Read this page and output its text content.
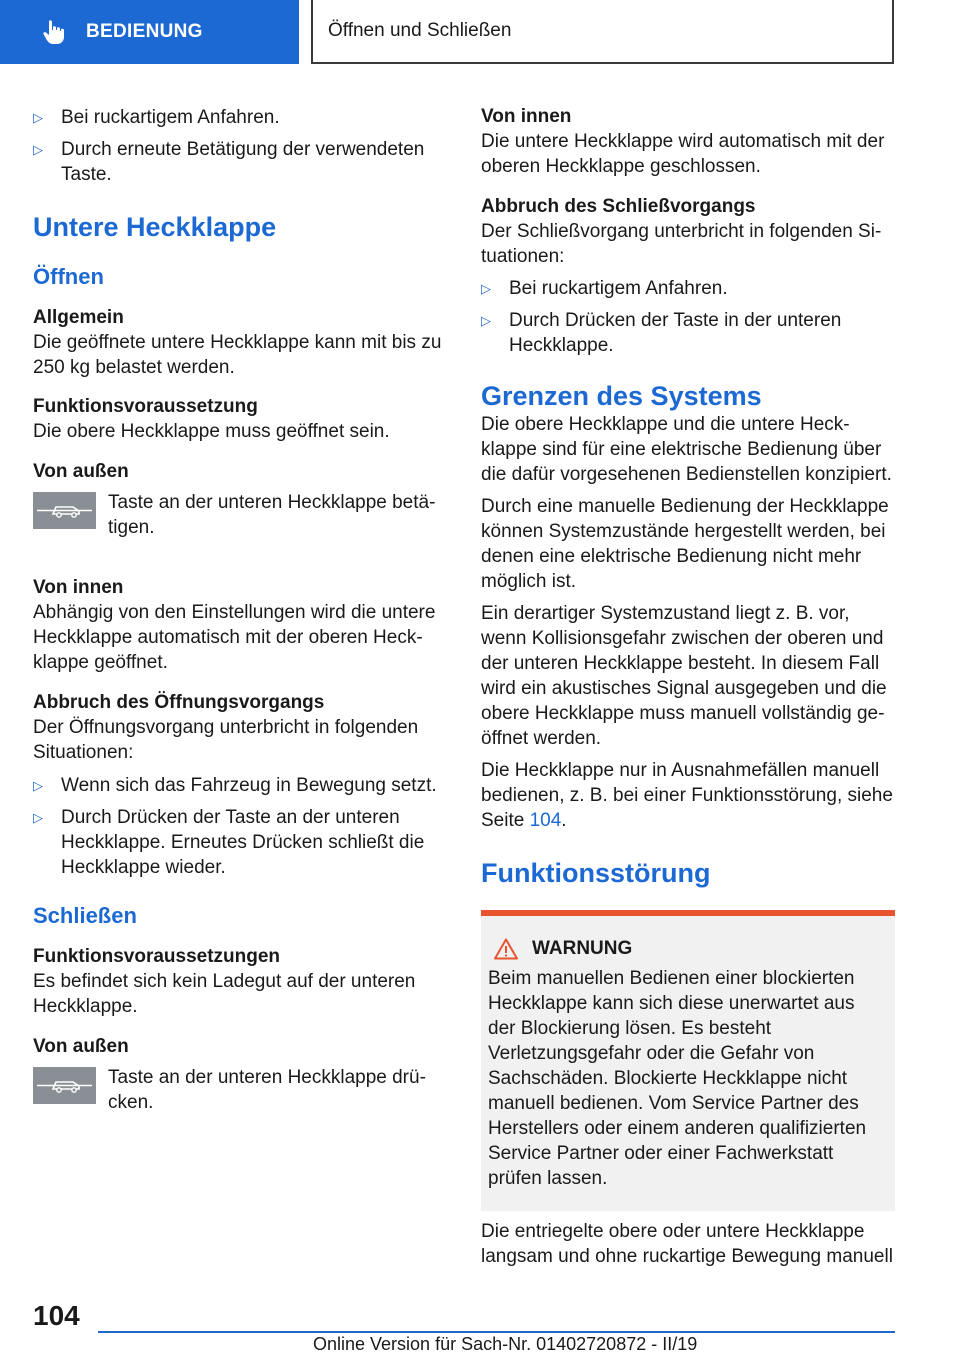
BEDIENUNG	Öffnen und Schließen
▷ Bei ruckartigem Anfahren.
▷ Durch erneute Betätigung der verwendeten Taste.
Untere Heckklappe
Öffnen
Allgemein

Die geöffnete untere Heckklappe kann mit bis zu 250 kg belastet werden.

Funktionsvoraussetzung

Die obere Heckklappe muss geöffnet sein.

Von außen
Taste an der unteren Heckklappe betätigen.
Von innen

Abhängig von den Einstellungen wird die untere Heckklappe automatisch mit der oberen Heckklappe geöffnet.

Abbruch des Öffnungsvorgangs

Der Öffnungsvorgang unterbricht in folgenden Situationen:

▷ Wenn sich das Fahrzeug in Bewegung setzt.
▷ Durch Drücken der Taste an der unteren Heckklappe. Erneutes Drücken schließt die Heckklappe wieder.
Schließen
Funktionsvoraussetzungen

Es befindet sich kein Ladegut auf der unteren Heckklappe.

Von außen
Taste an der unteren Heckklappe drücken.
Von innen

Die untere Heckklappe wird automatisch mit der oberen Heckklappe geschlossen.

Abbruch des Schließvorgangs

Der Schließvorgang unterbricht in folgenden Situationen:

▷ Bei ruckartigem Anfahren.
▷ Durch Drücken der Taste in der unteren Heckklappe.
Grenzen des Systems

Die obere Heckklappe und die untere Heckklappe sind für eine elektrische Bedienung über die dafür vorgesehenen Bedienstellen konzipiert.

Durch eine manuelle Bedienung der Heckklappe können Systemzustände hergestellt werden, bei denen eine elektrische Bedienung nicht mehr möglich ist.

Ein derartiger Systemzustand liegt z. B. vor, wenn Kollisionsgefahr zwischen der oberen und der unteren Heckklappe besteht. In diesem Fall wird ein akustisches Signal ausgegeben und die obere Heckklappe muss manuell vollständig geöffnet werden.

Die Heckklappe nur in Ausnahmefällen manuell bedienen, z. B. bei einer Funktionsstörung, siehe Seite 104.

Funktionsstörung
WARNUNG

Beim manuellen Bedienen einer blockierten Heckklappe kann sich diese unerwartet aus der Blockierung lösen. Es besteht Verletzungsgefahr oder die Gefahr von Sachschäden. Blockierte Heckklappe nicht manuell bedienen. Vom Service Partner des Herstellers oder einem anderen qualifizierten Service Partner oder einer Fachwerkstatt prüfen lassen.

Die entriegelte obere oder untere Heckklappe langsam und ohne ruckartige Bewegung manuell

104
Online Version für Sach-Nr. 01402720872 - II/19
